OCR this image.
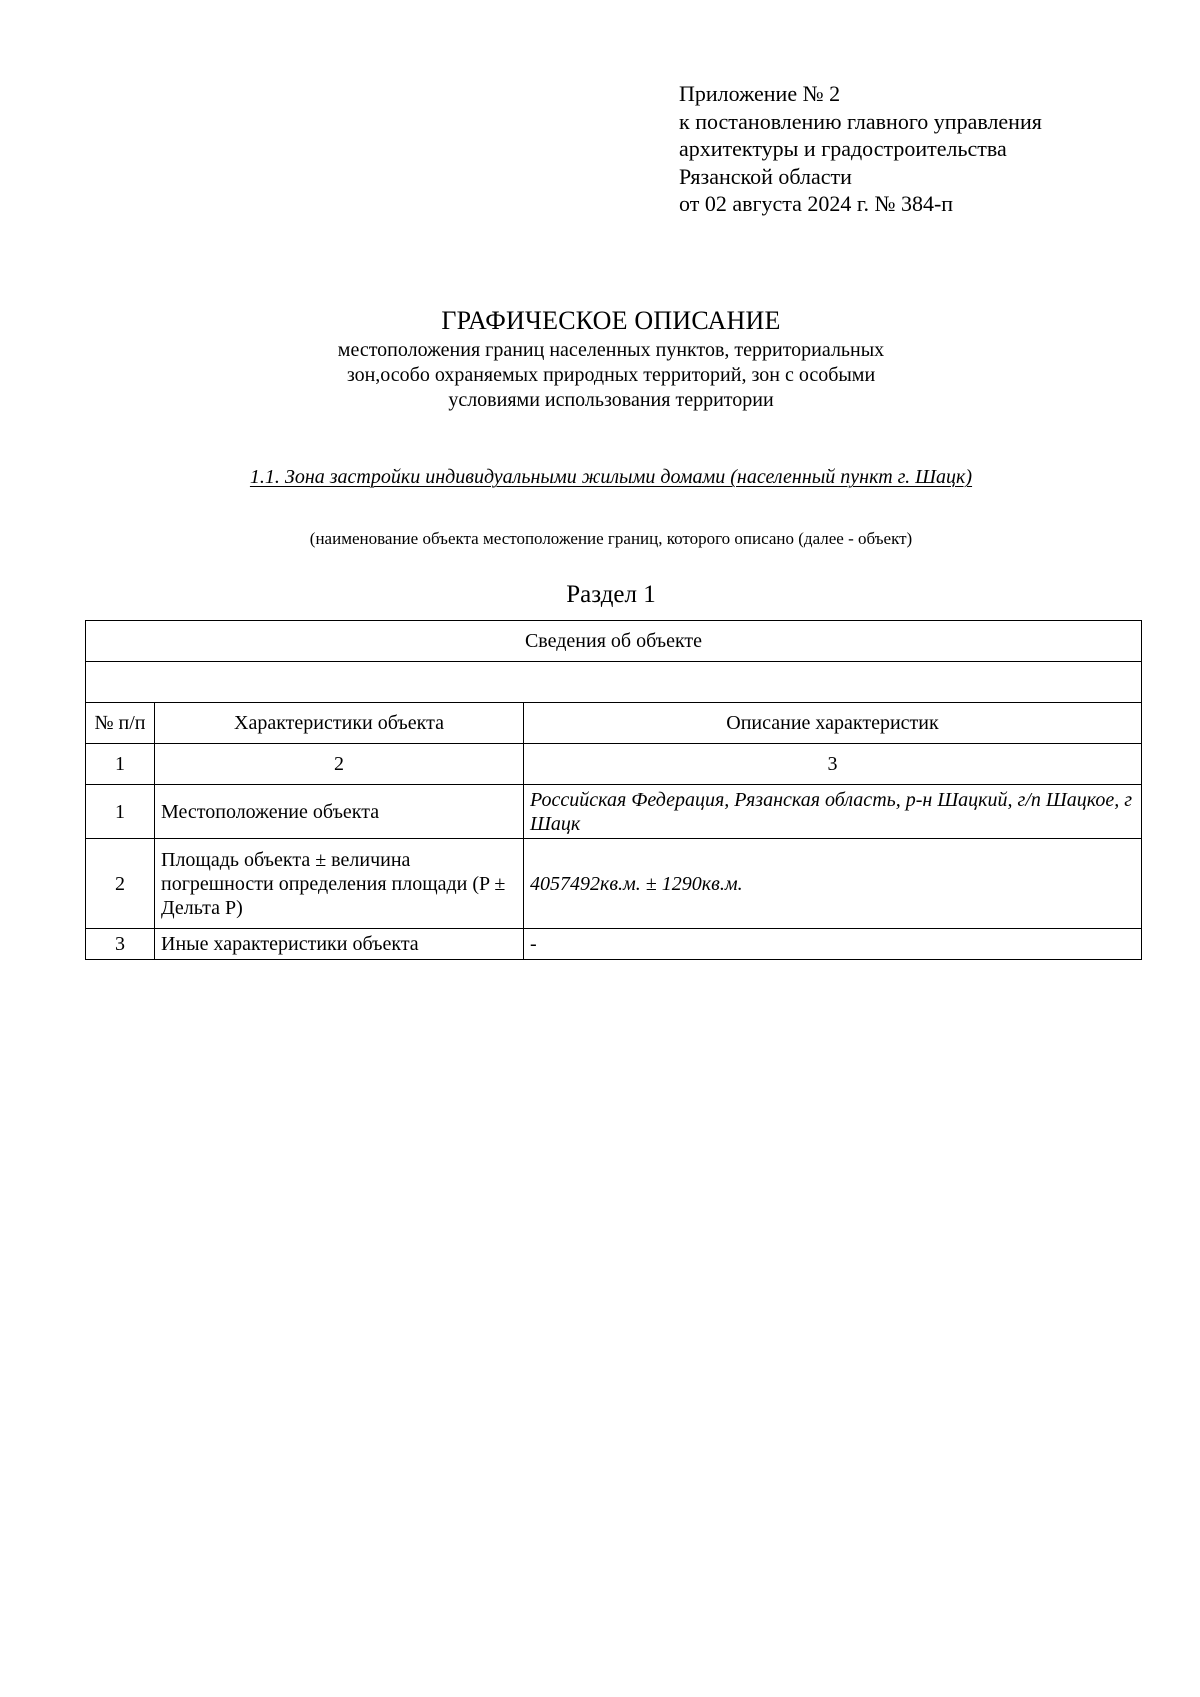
Приложение № 2
к постановлению главного управления
архитектуры и градостроительства
Рязанской области
от 02 августа 2024 г. № 384-п
ГРАФИЧЕСКОЕ ОПИСАНИЕ
местоположения границ населенных пунктов, территориальных
зон,особо охраняемых природных территорий, зон с особыми
условиями использования территории
1.1. Зона застройки индивидуальными жилыми домами (населенный пункт г. Шацк)
(наименование объекта местоположение границ, которого описано (далее - объект)
Раздел 1
Сведения об объекте		

№ п/п	Характеристики объекта	Описание характеристик
1	2	3
1	Местоположение объекта	Российская Федерация, Рязанская область, р-н Шацкий, г/п Шацкое, г Шацк
2	Площадь объекта ± величина погрешности определения площади (P ± Дельта P)	4057492кв.м. ± 1290кв.м.
3	Иные характеристики объекта	-
